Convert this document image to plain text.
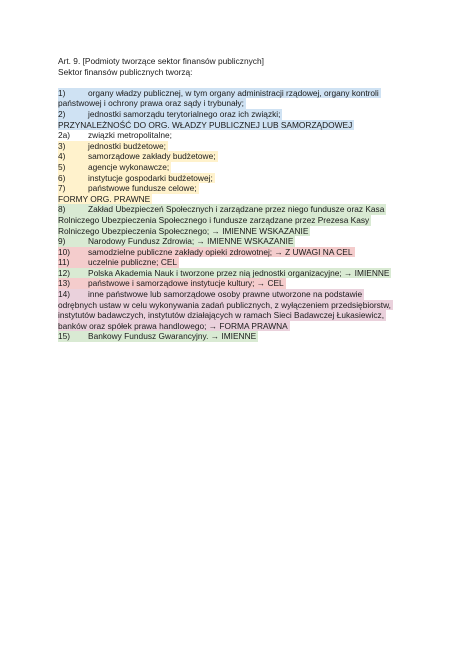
Art. 9. [Podmioty tworzące sektor finansów publicznych]
Sektor finansów publicznych tworzą:
1)	organy władzy publicznej, w tym organy administracji rządowej, organy kontroli
państwowej i ochrony prawa oraz sądy i trybunały;
2)	jednostki samorządu terytorialnego oraz ich związki;
PRZYNALEŻNOŚĆ DO ORG. WŁADZY PUBLICZNEJ LUB SAMORZĄDOWEJ
2a) związki metropolitalne;
3)	jednostki budżetowe;
4)	samorządowe zakłady budżetowe;
5)	agencje wykonawcze;
6)	instytucje gospodarki budżetowej;
7)	państwowe fundusze celowe;
FORMY ORG. PRAWNE
8)	Zakład Ubezpieczeń Społecznych i zarządzane przez niego fundusze oraz Kasa
Rolniczego Ubezpieczenia Społecznego i fundusze zarządzane przez Prezesa Kasy
Rolniczego Ubezpieczenia Społecznego; → IMIENNE WSKAZANIE
9)	Narodowy Fundusz Zdrowia; → IMIENNE WSKAZANIE
10) samodzielne publiczne zakłady opieki zdrowotnej; → Z UWAGI NA CEL
11) uczelnie publiczne; CEL
12) Polska Akademia Nauk i tworzone przez nią jednostki organizacyjne; → IMIENNE
13) państwowe i samorządowe instytucje kultury; → CEL
14) inne państwowe lub samorządowe osoby prawne utworzone na podstawie
odrębnych ustaw w celu wykonywania zadań publicznych, z wyłączeniem przedsiębiorstw,
instytutów badawczych, instytutów działających w ramach Sieci Badawczej Łukasiewicz,
banków oraz spółek prawa handlowego; → FORMA PRAWNA
15) Bankowy Fundusz Gwarancyjny. → IMIENNE
